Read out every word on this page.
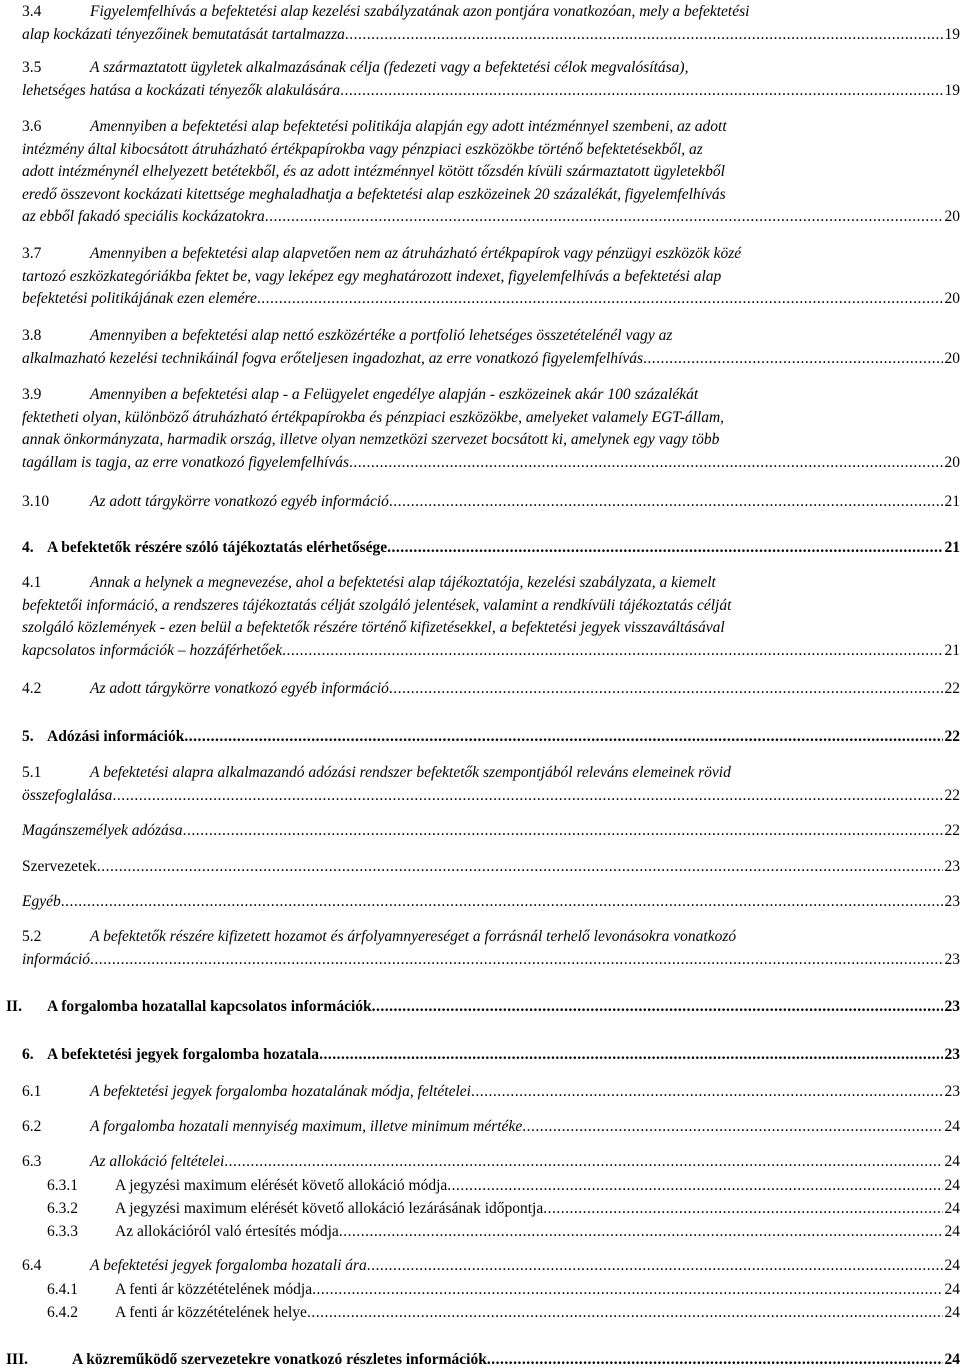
3.4	Figyelemfelhívás a befektetési alap kezelési szabályzatának azon pontjára vonatkozóan, mely a befektetési
alap kockázati tényezőinek bemutatását tartalmazza .....	19
3.5	A származtatott ügyletek alkalmazásának célja (fedezeti vagy a befektetési célok megvalósítása),
lehetséges hatása a kockázati tényezők alakulására .....	19
3.6	Amennyiben a befektetési alap befektetési politikája alapján egy adott intézménnyel szembeni, az adott
intézmény által kibocsátott átruházható értékpapírokba vagy pénzpiaci eszközökbe történő befektetésekből, az
adott intézménynél elhelyezett betétekből, és az adott intézménnyel kötött tőzsdén kívüli származtatott ügyletekből
eredő összevont kockázati kitettsége meghaladhatja a befektetési alap eszközeinek 20 százalékát, figyelemfelhívás
az ebből fakadó speciális kockázatokra .....	20
3.7	Amennyiben a befektetési alap alapvetően nem az átruházható értékpapírok vagy pénzügyi eszközök közé
tartozó eszközkategóriákba fektet be, vagy leképez egy meghatározott indexet, figyelemfelhívás a befektetési alap
befektetési politikájának ezen elemére .....	20
3.8	Amennyiben a befektetési alap nettó eszközértéke a portfolió lehetséges összetételénél vagy az
alkalmazható kezelési technikáinál fogva erőteljesen ingadozhat, az erre vonatkozó figyelemfelhívás .....	20
3.9	Amennyiben a befektetési alap - a Felügyelet engedélye alapján - eszközeinek akár 100 százalékát
fektetheti olyan, különböző átruházható értékpapírokba és pénzpiaci eszközökbe, amelyeket valamely EGT-állam,
annak önkormányzata, harmadik ország, illetve olyan nemzetközi szervezet bocsátott ki, amelynek egy vagy több
tagállam is tagja, az erre vonatkozó figyelemfelhívás .....	20
3.10	Az adott tárgykörre vonatkozó egyéb információ .....	21
4. A befektetők részére szóló tájékoztatás elérhetősége .....	21
4.1	Annak a helynek a megnevezése, ahol a befektetési alap tájékoztatója, kezelési szabályzata, a kiemelt
befektetői információ, a rendszeres tájékoztatás célját szolgáló jelentések, valamint a rendkívüli tájékoztatás célját
szolgáló közlemények - ezen belül a befektetők részére történő kifizetésekkel, a befektetési jegyek visszaváltásával
kapcsolatos információk – hozzáférhetőek .....	21
4.2	Az adott tárgykörre vonatkozó egyéb információ .....	22
5. Adózási információk .....	22
5.1	A befektetési alapra alkalmazandó adózási rendszer befektetők szempontjából releváns elemeinek rövid
összefoglalása .....	22
Magánszemélyek adózása .....	22
Szervezetek .....	23
Egyéb .....	23
5.2	A befektetők részére kifizetett hozamot és árfolyamnyereséget a forrásnál terhelő levonásokra vonatkozó
információ .....	23
II. A forgalomba hozatallal kapcsolatos információk .....	23
6. A befektetési jegyek forgalomba hozatala .....	23
6.1	A befektetési jegyek forgalomba hozatalának módja, feltételei .....	23
6.2	A forgalomba hozatali mennyiség maximum, illetve minimum mértéke .....	24
6.3	Az allokáció feltételei .....	24
6.3.1 A jegyzési maximum elérését követő allokáció módja .....	24
6.3.2 A jegyzési maximum elérését követő allokáció lezárásának időpontja .....	24
6.3.3 Az allokációról való értesítés módja .....	24
6.4	A befektetési jegyek forgalomba hozatali ára .....	24
6.4.1 A fenti ár közzétételének módja .....	24
6.4.2 A fenti ár közzétételének helye .....	24
III.	A közreműködő szervezetekre vonatkozó részletes információk .....	24
